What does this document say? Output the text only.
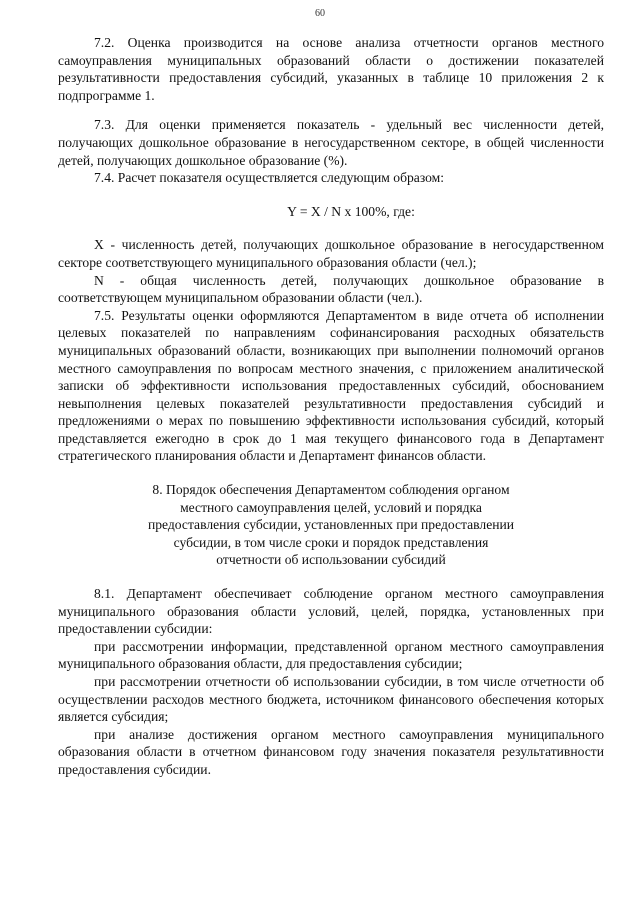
60

7.2. Оценка производится на основе анализа отчетности органов местного самоуправления муниципальных образований области о достижении показателей результативности предоставления субсидий, указанных в таблице 10 приложения 2 к подпрограмме 1.

7.3. Для оценки применяется показатель - удельный вес численности детей, получающих дошкольное образование в негосударственном секторе, в общей численности детей, получающих дошкольное образование (%).

7.4. Расчет показателя осуществляется следующим образом:

Y = X / N x 100%, где:

X - численность детей, получающих дошкольное образование в негосударственном секторе соответствующего муниципального образования области (чел.);

N - общая численность детей, получающих дошкольное образование в соответствующем муниципальном образовании области (чел.).

7.5. Результаты оценки оформляются Департаментом в виде отчета об исполнении целевых показателей по направлениям софинансирования расходных обязательств муниципальных образований области, возникающих при выполнении полномочий органов местного самоуправления по вопросам местного значения, с приложением аналитической записки об эффективности использования предоставленных субсидий, обоснованием невыполнения целевых показателей результативности предоставления субсидий и предложениями о мерах по повышению эффективности использования субсидий, который представляется ежегодно в срок до 1 мая текущего финансового года в Департамент стратегического планирования области и Департамент финансов области.

8. Порядок обеспечения Департаментом соблюдения органом
местного самоуправления целей, условий и порядка
предоставления субсидии, установленных при предоставлении
субсидии, в том числе сроки и порядок представления
отчетности об использовании субсидий

8.1. Департамент обеспечивает соблюдение органом местного самоуправления муниципального образования области условий, целей, порядка, установленных при предоставлении субсидии:

при рассмотрении информации, представленной органом местного самоуправления муниципального образования области, для предоставления субсидии;

при рассмотрении отчетности об использовании субсидии, в том числе отчетности об осуществлении расходов местного бюджета, источником финансового обеспечения которых является субсидия;

при анализе достижения органом местного самоуправления муниципального образования области в отчетном финансовом году значения показателя результативности предоставления субсидии.
